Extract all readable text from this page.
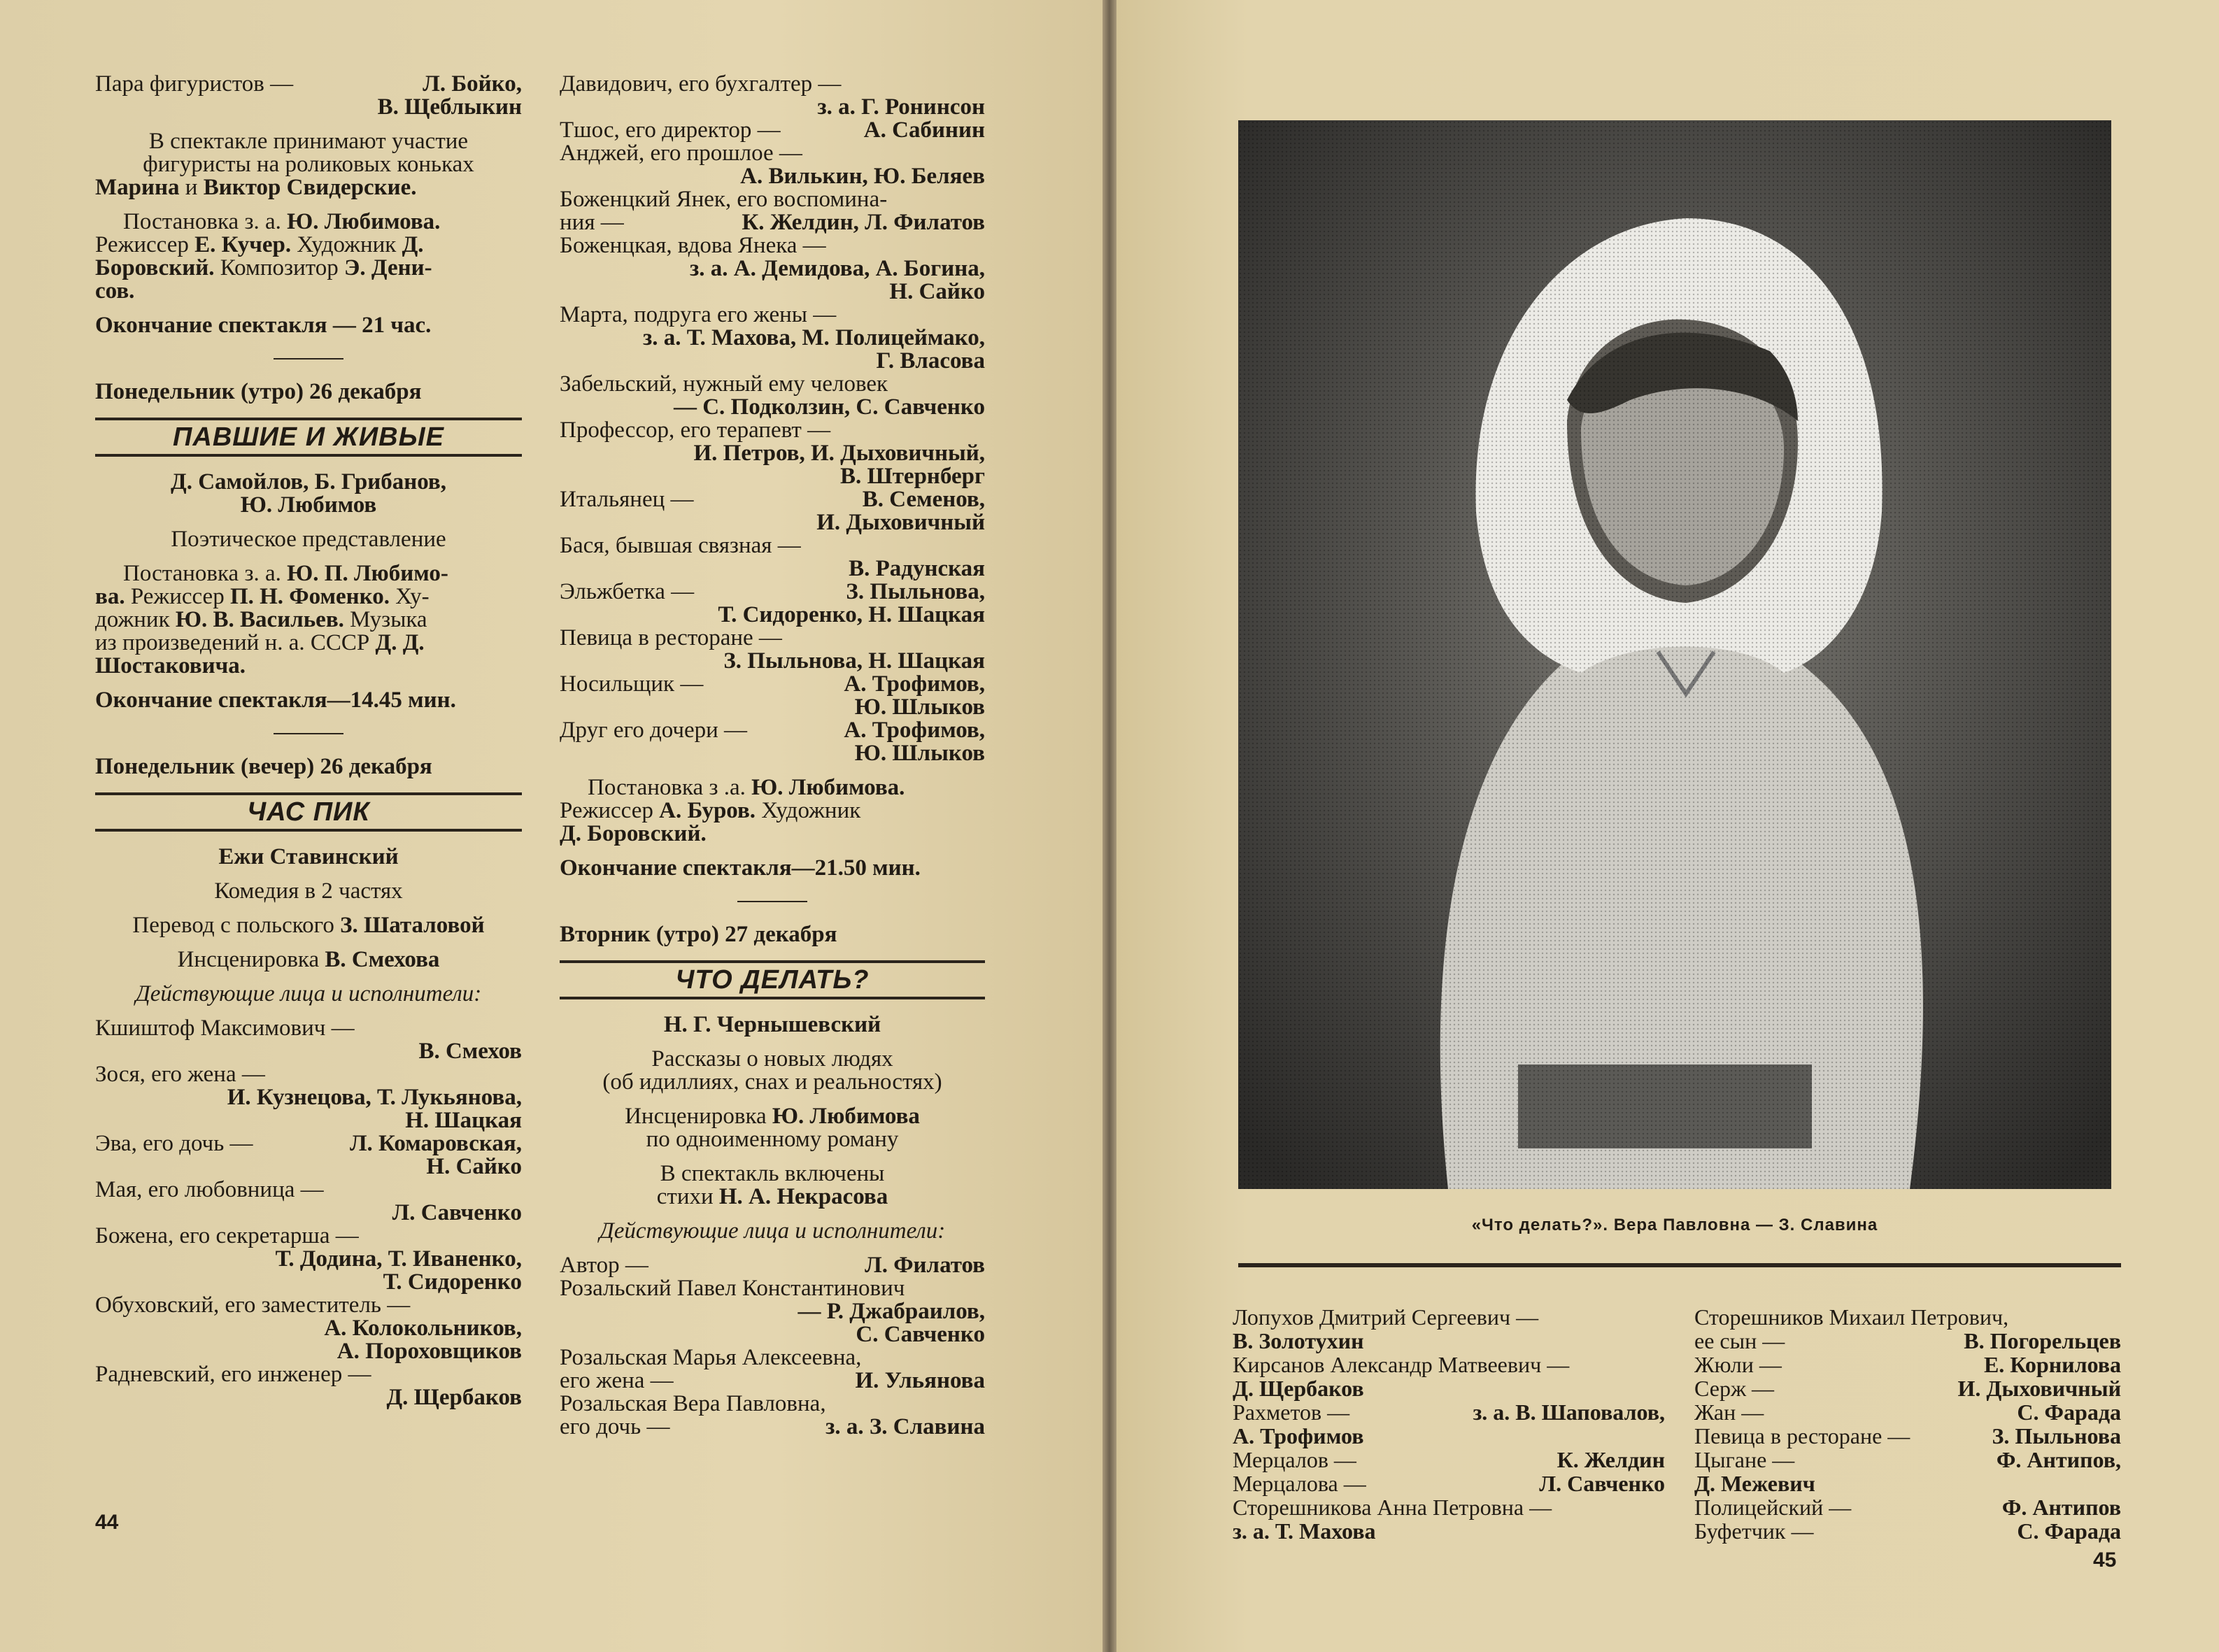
Пара фигуристов —	Л. Бойко,
В. Щеблыкин
В спектакле принимают участие
фигуристы на роликовых коньках
Марина и Виктор Свидерские.
Постановка з. а. Ю. Любимова.
Режиссер Е. Кучер. Художник Д.
Боровский. Композитор Э. Дени-
сов.
Окончание спектакля — 21 час.
Понедельник (утро) 26 декабря
ПАВШИЕ И ЖИВЫЕ
Д. Самойлов, Б. Грибанов,
Ю. Любимов
Поэтическое представление
Постановка з. а. Ю. П. Любимо-
ва. Режиссер П. Н. Фоменко. Ху-
дожник Ю. В. Васильев. Музыка
из произведений н. а. СССР Д. Д.
Шостаковича.
Окончание спектакля—14.45 мин.
Понедельник (вечер) 26 декабря
ЧАС ПИК
Ежи Ставинский
Комедия в 2 частях
Перевод с польского З. Шаталовой
Инсценировка В. Смехова
Действующие лица и исполнители:
Кшиштоф Максимович —
В. Смехов
Зося, его жена —
И. Кузнецова, Т. Лукьянова,
Н. Шацкая
Эва, его дочь —	Л. Комаровская,
Н. Сайко
Мая, его любовница —
Л. Савченко
Божена, его секретарша —
Т. Додина, Т. Иваненко,
Т. Сидоренко
Обуховский, его заместитель —
А. Колокольников,
А. Пороховщиков
Радневский, его инженер —
Д. Щербаков
Давидович, его бухгалтер —
з. а. Г. Ронинсон
Тшос, его директор —	А. Сабинин
Анджей, его прошлое —
А. Вилькин, Ю. Беляев
Боженцкий Янек, его воспомина-
ния —	К. Желдин, Л. Филатов
Боженцкая, вдова Янека —
з. а. А. Демидова, А. Богина,
Н. Сайко
Марта, подруга его жены —
з. а. Т. Махова, М. Полицеймако,
Г. Власова
Забельский, нужный ему человек
— С. Подколзин, С. Савченко
Профессор, его терапевт —
И. Петров, И. Дыховичный,
В. Штернберг
Итальянец —	В. Семенов,
И. Дыховичный
Бася, бывшая связная —
В. Радунская
Эльжбетка —	З. Пыльнова,
Т. Сидоренко, Н. Шацкая
Певица в ресторане —
З. Пыльнова, Н. Шацкая
Носильщик —	А. Трофимов,
Ю. Шлыков
Друг его дочери —	А. Трофимов,
Ю. Шлыков
Постановка з .а. Ю. Любимова.
Режиссер А. Буров. Художник
Д. Боровский.
Окончание спектакля—21.50 мин.
Вторник (утро) 27 декабря
ЧТО ДЕЛАТЬ?
Н. Г. Чернышевский
Рассказы о новых людях
(об идиллиях, снах и реальностях)
Инсценировка Ю. Любимова
по одноименному роману
В спектакль включены
стихи Н. А. Некрасова
Действующие лица и исполнители:
Автор —	Л. Филатов
Розальский Павел Константинович
— Р. Джабраилов,
С. Савченко
Розальская Марья Алексеевна,
его жена —	И. Ульянова
Розальская Вера Павловна,
его дочь —	з. а. З. Славина
44
«Что делать?». Вера Павловна — З. Славина
Лопухов Дмитрий Сергеевич —
В. Золотухин
Кирсанов Александр Матвеевич —
Д. Щербаков
Рахметов —	з. а. В. Шаповалов,
А. Трофимов
Мерцалов —	К. Желдин
Мерцалова —	Л. Савченко
Сторешникова Анна Петровна —
з. а. Т. Махова
Сторешников Михаил Петрович,
ее сын —	В. Погорельцев
Жюли —	Е. Корнилова
Серж —	И. Дыховичный
Жан —	С. Фарада
Певица в ресторане —	З. Пыльнова
Цыгане —	Ф. Антипов,
Д. Межевич
Полицейский —	Ф. Антипов
Буфетчик —	С. Фарада
45
